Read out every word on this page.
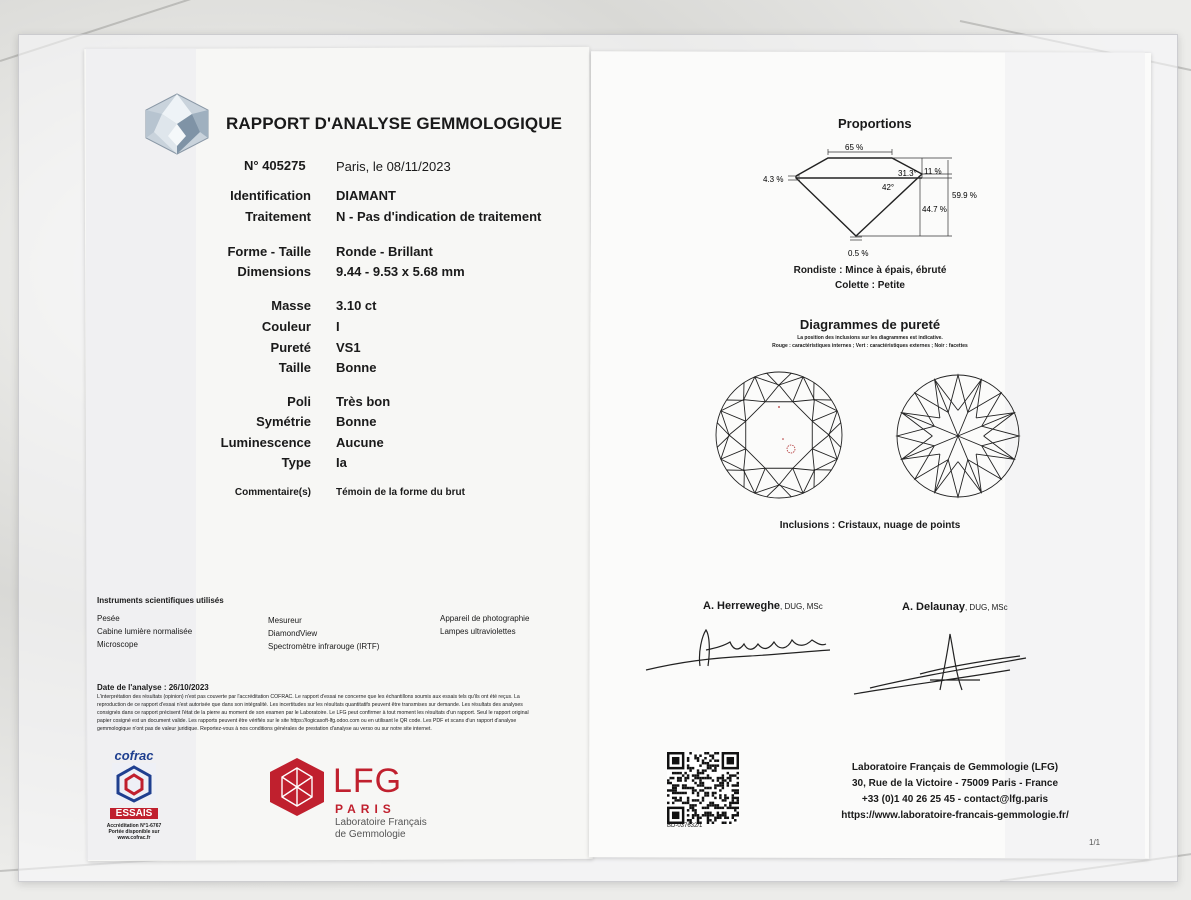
RAPPORT D'ANALYSE GEMMOLOGIQUE
N° 405275 Paris, le 08/11/2023
Identification DIAMANT
Traitement N - Pas d'indication de traitement
Forme - Taille Ronde - Brillant
Dimensions 9.44 - 9.53 x 5.68 mm
Masse 3.10 ct
Couleur I
Pureté VS1
Taille Bonne
Poli Très bon
Symétrie Bonne
Luminescence Aucune
Type Ia
Commentaire(s)	Témoin de la forme du brut
Instruments scientifiques utilisés
Pesée
Cabine lumière normalisée
Microscope
Mesureur
DiamondView
Spectromètre infrarouge (IRTF)
Appareil de photographie
Lampes ultraviolettes
Date de l'analyse : 26/10/2023
L'interprétation des résultats (opinion) n'est pas couverte par l'accréditation COFRAC. Le rapport d'essai ne concerne que les échantillons soumis aux essais tels qu'ils ont été reçus. La
reproduction de ce rapport d'essai n'est autorisée que dans son intégralité. Les incertitudes sur les résultats quantitatifs peuvent être transmises sur demande. Les résultats des analyses
consignés dans ce rapport précisent l'état de la pierre au moment de son examen par le Laboratoire. Le LFG peut confirmer à tout moment les résultats d'un rapport. Seul le rapport original
papier cosigné est un document valide. Les rapports peuvent être vérifiés sur le site https://logicasoft-lfg.odoo.com ou en utilisant le QR code. Les PDF et scans d'un rapport d'analyse
gemmologique n'ont pas de valeur juridique. Reportez-vous à nos conditions générales de prestation d'analyse au verso ou sur notre site internet.
cofrac
ESSAIS
Accréditation N°1-6767
Portée disponible sur
www.cofrac.fr
LFG
PARIS
Laboratoire Français
de Gemmologie
Proportions
65 %
4.3 %
31.3° 11 %
42°
59.9 %
44.7 %
0.5 %
Rondiste : Mince à épais, ébruté
Colette : Petite
Diagrammes de pureté
La position des inclusions sur les diagrammes est indicative.
Rouge : caractéristiques internes ; Vert : caractéristiques externes ; Noir : facettes
Inclusions : Cristaux, nuage de points
A. Herreweghe, DUG, MSc	A. Delaunay, DUG, MSc
BD-037632/1
Laboratoire Français de Gemmologie (LFG)
30, Rue de la Victoire - 75009 Paris - France
+33 (0)1 40 26 25 45 - contact@lfg.paris
https://www.laboratoire-francais-gemmologie.fr/
1/1
